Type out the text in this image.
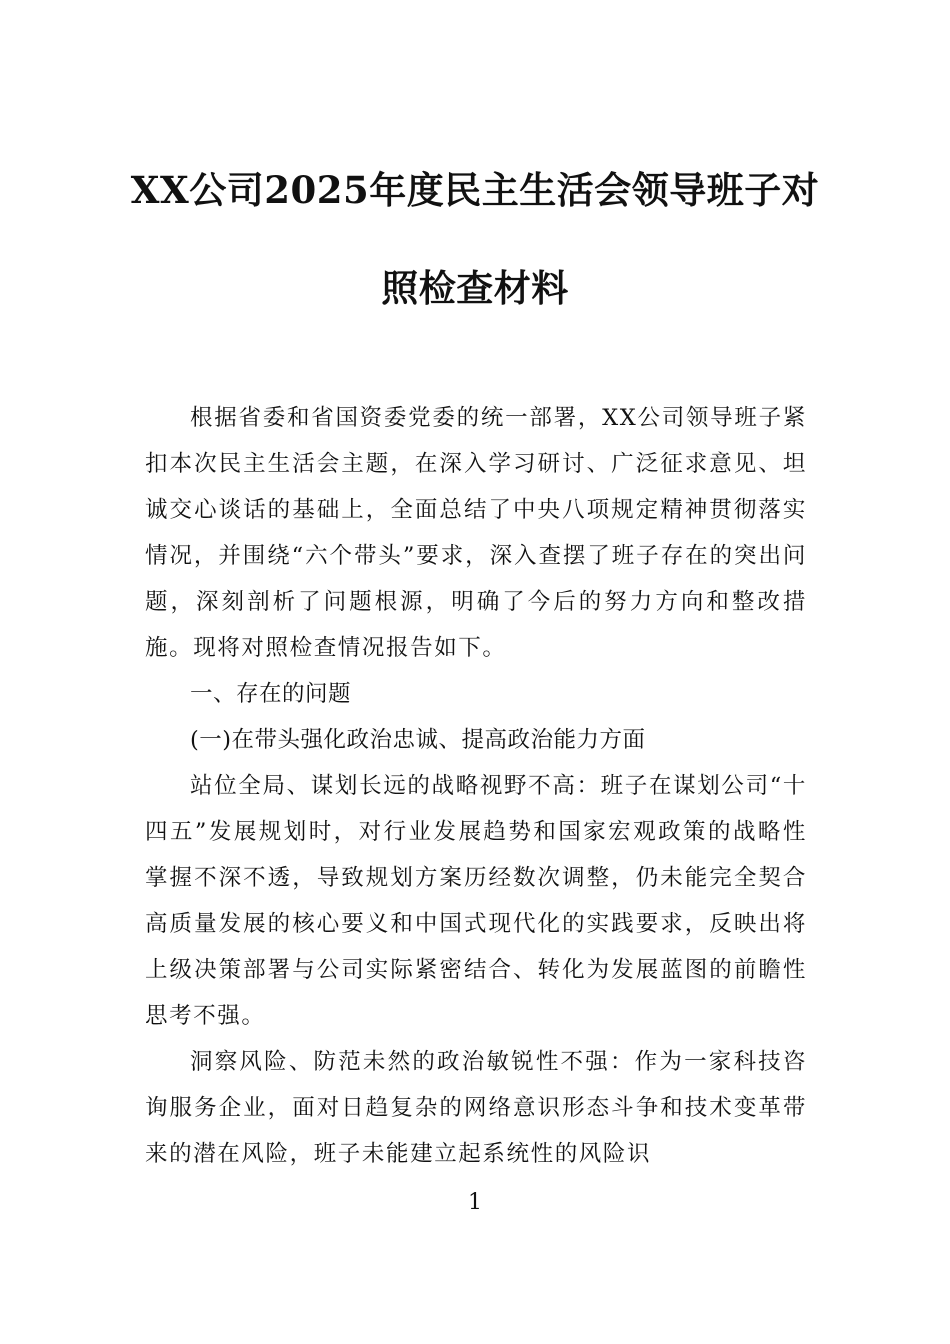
XX公司2025年度民主生活会领导班子对
照检查材料

根据省委和省国资委党委的统一部署，XX公司领导班子紧扣本次民主生活会主题，在深入学习研讨、广泛征求意见、坦诚交心谈话的基础上，全面总结了中央八项规定精神贯彻落实情况，并围绕“六个带头”要求，深入查摆了班子存在的突出问题，深刻剖析了问题根源，明确了今后的努力方向和整改措施。现将对照检查情况报告如下。

一、存在的问题

(一)在带头强化政治忠诚、提高政治能力方面

站位全局、谋划长远的战略视野不高：班子在谋划公司“十四五”发展规划时，对行业发展趋势和国家宏观政策的战略性掌握不深不透，导致规划方案历经数次调整，仍未能完全契合高质量发展的核心要义和中国式现代化的实践要求，反映出将上级决策部署与公司实际紧密结合、转化为发展蓝图的前瞻性思考不强。

洞察风险、防范未然的政治敏锐性不强：作为一家科技咨询服务企业，面对日趋复杂的网络意识形态斗争和技术变革带来的潜在风险，班子未能建立起系统性的风险识

1
